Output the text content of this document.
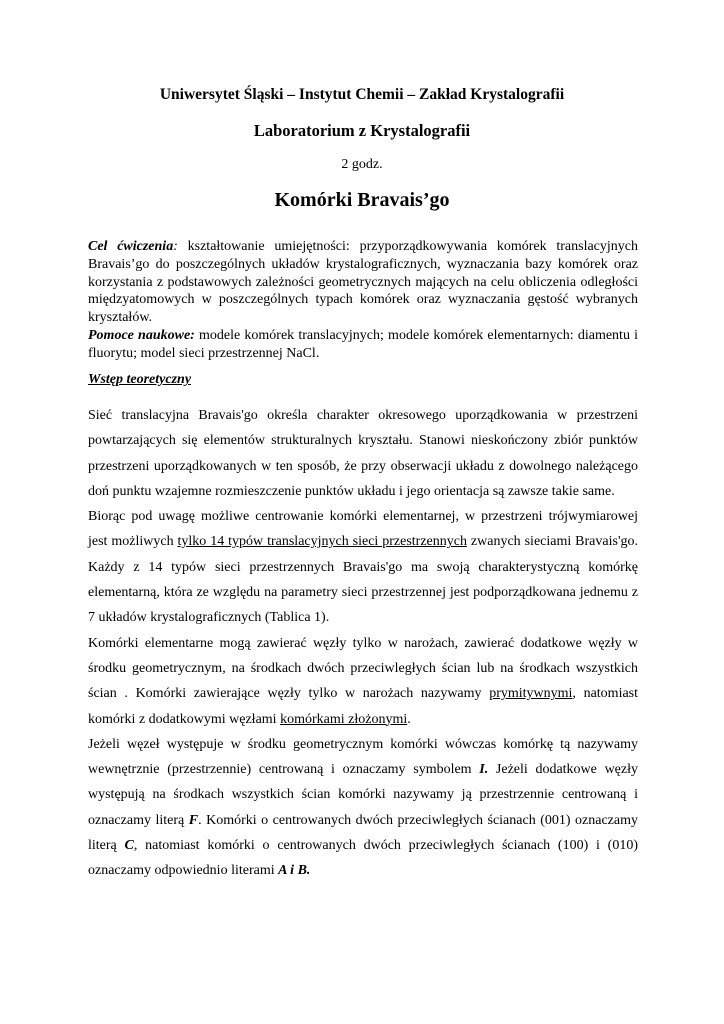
Uniwersytet Śląski – Instytut Chemii – Zakład Krystalografii
Laboratorium z Krystalografii
2 godz.
Komórki Bravais’go

Cel ćwiczenia: kształtowanie umiejętności: przyporządkowywania komórek translacyjnych Bravais’go do poszczególnych układów krystalograficznych, wyznaczania bazy komórek oraz korzystania z podstawowych zależności geometrycznych mających na celu obliczenia odległości międzyatomowych w poszczególnych typach komórek oraz wyznaczania gęstość wybranych kryształów.

Pomoce naukowe: modele komórek translacyjnych; modele komórek elementarnych: diamentu i fluorytu; model sieci przestrzennej NaCl.

Wstęp teoretyczny

Sieć translacyjna Bravais'go określa charakter okresowego uporządkowania w przestrzeni powtarzających się elementów strukturalnych kryształu. Stanowi nieskończony zbiór punktów przestrzeni uporządkowanych w ten sposób, że przy obserwacji układu z dowolnego należącego doń punktu wzajemne rozmieszczenie punktów układu i jego orientacja są zawsze takie same.

Biorąc pod uwagę możliwe centrowanie komórki elementarnej, w przestrzeni trójwymiarowej jest możliwych tylko 14 typów translacyjnych sieci przestrzennych zwanych sieciami Bravais'go. Każdy z 14 typów sieci przestrzennych Bravais'go ma swoją charakterystyczną komórkę elementarną, która ze względu na parametry sieci przestrzennej jest podporządkowana jednemu z 7 układów krystalograficznych (Tablica 1).

Komórki elementarne mogą zawierać węzły tylko w narożach, zawierać dodatkowe węzły w środku geometrycznym, na środkach dwóch przeciwległych ścian lub na środkach wszystkich ścian . Komórki zawierające węzły tylko w narożach nazywamy prymitywnymi, natomiast komórki z dodatkowymi węzłami komórkami złożonymi.

Jeżeli węzeł występuje w środku geometrycznym komórki wówczas komórkę tą nazywamy wewnętrznie (przestrzennie) centrowaną i oznaczamy symbolem I. Jeżeli dodatkowe węzły występują na środkach wszystkich ścian komórki nazywamy ją przestrzennie centrowaną i oznaczamy literą F. Komórki o centrowanych dwóch przeciwległych ścianach (001) oznaczamy literą C, natomiast komórki o centrowanych dwóch przeciwległych ścianach (100) i (010) oznaczamy odpowiednio literami A i B.
